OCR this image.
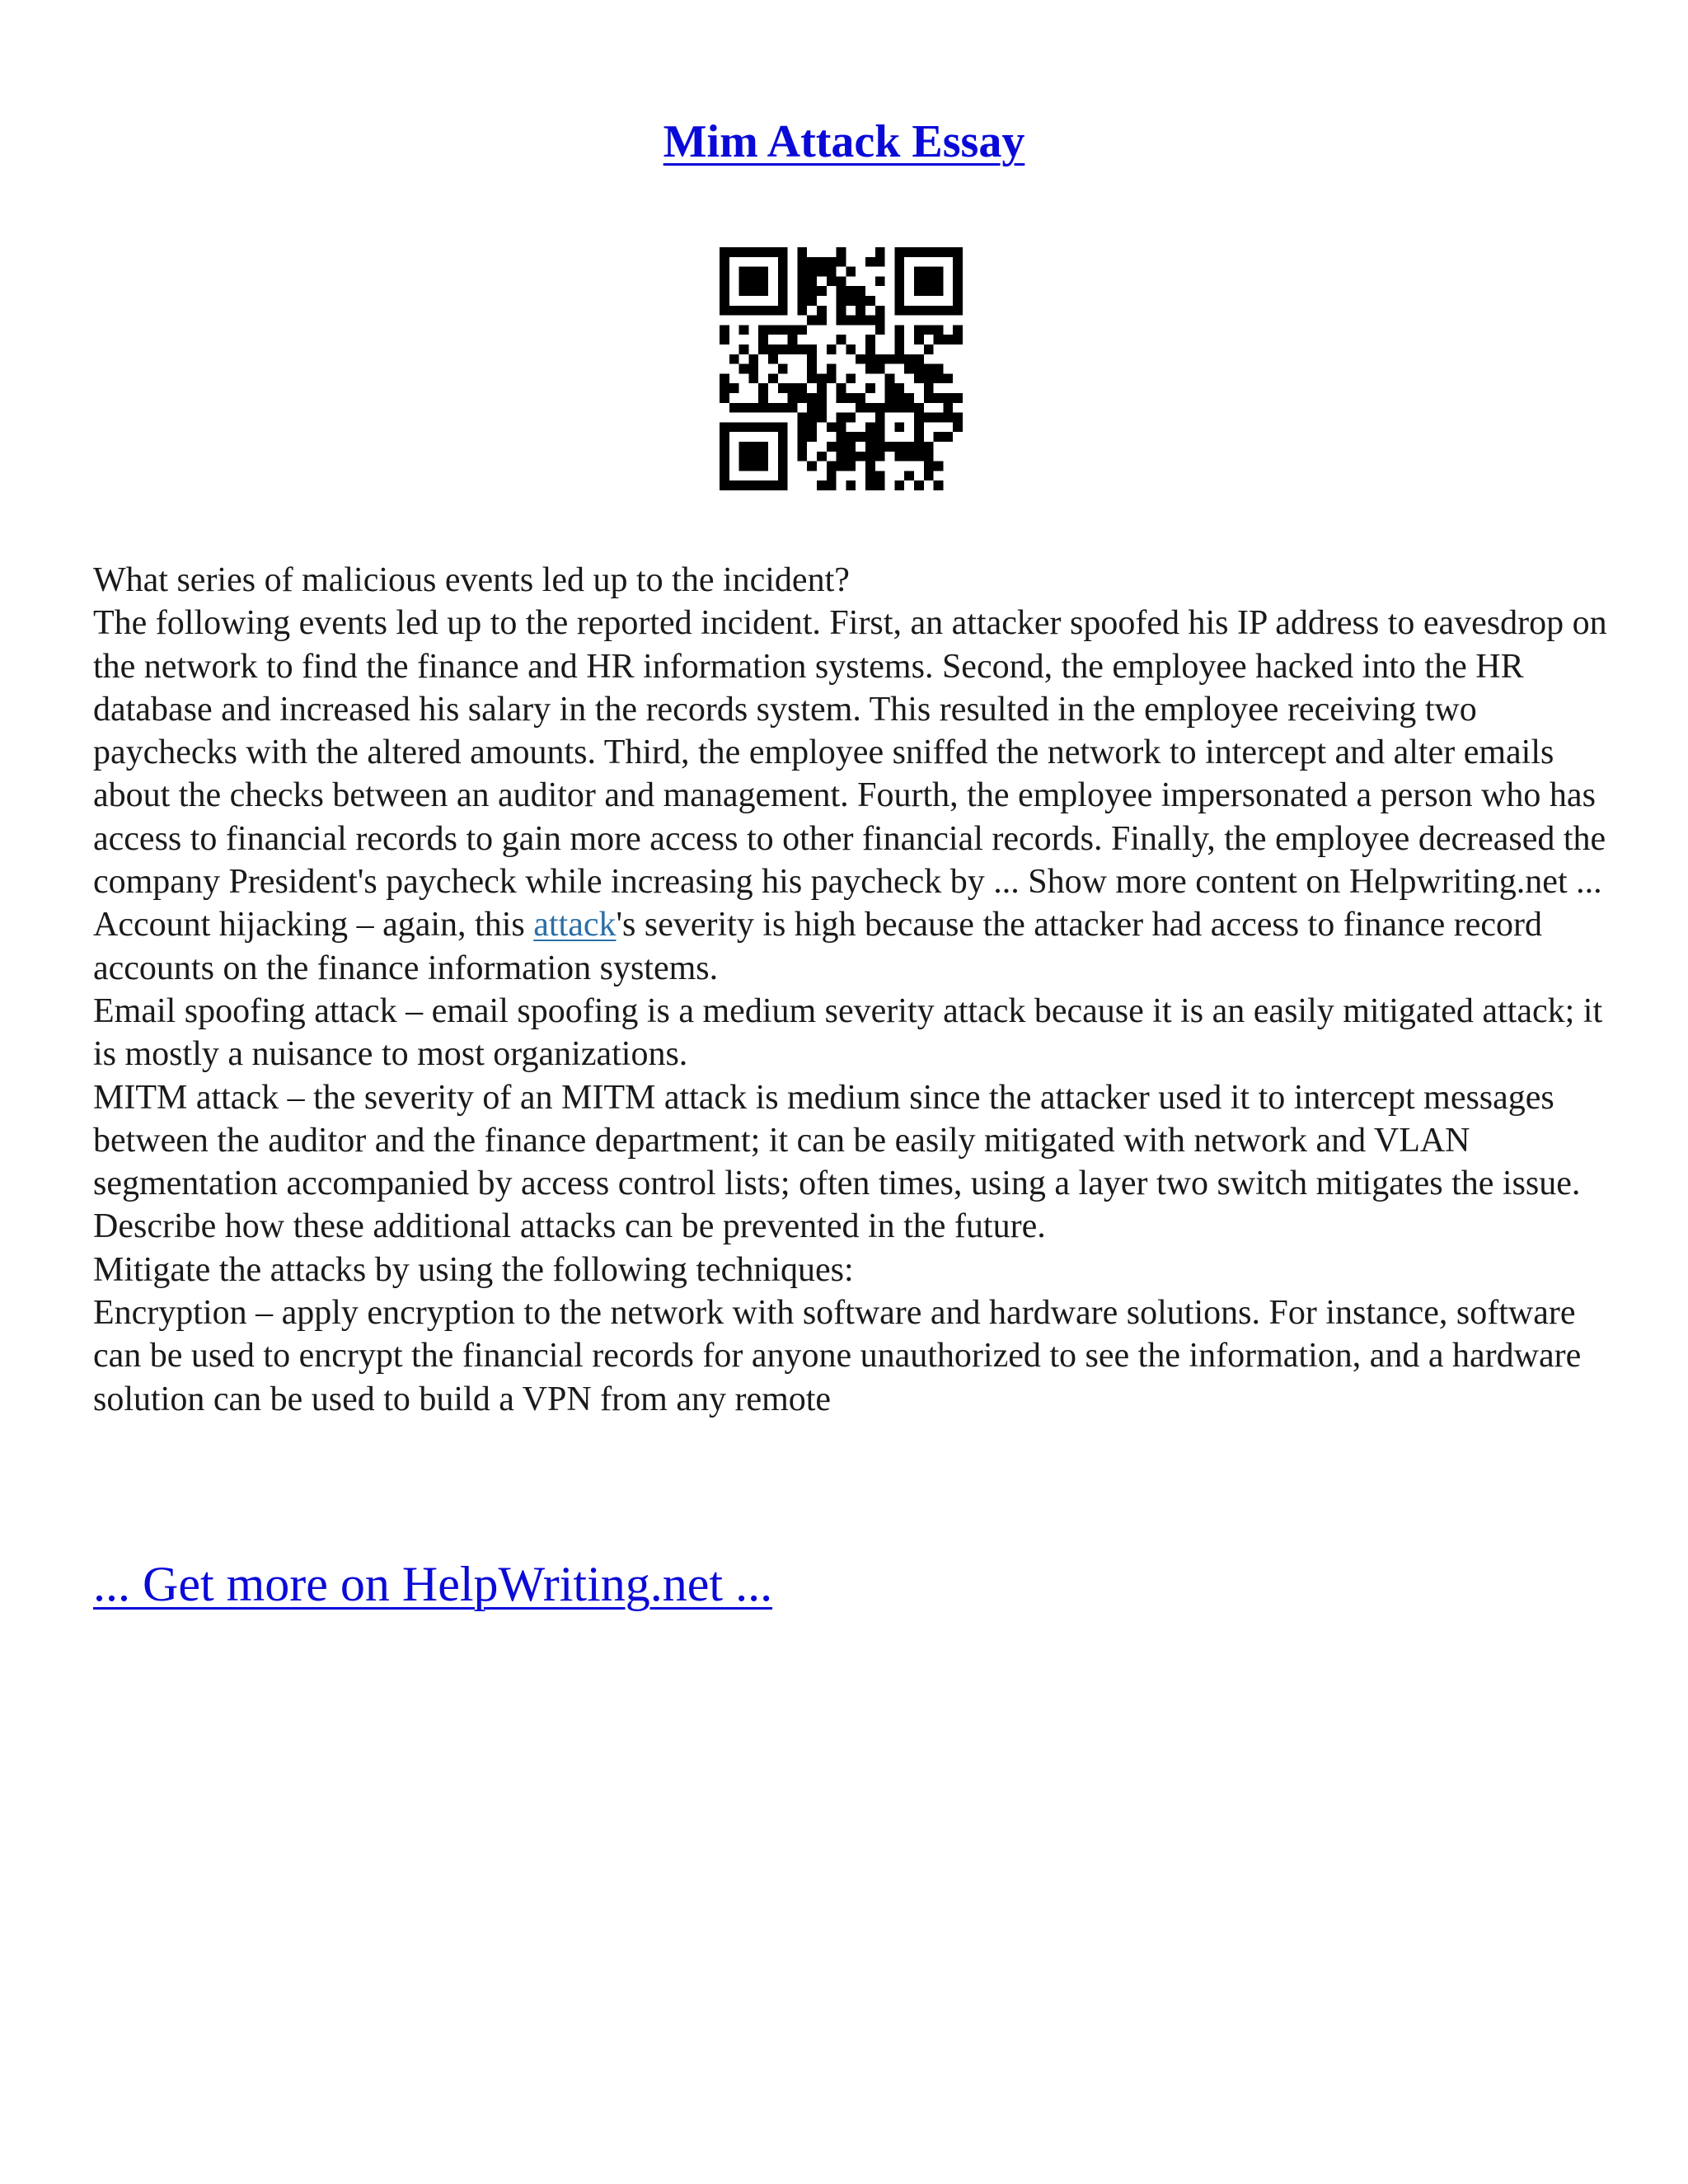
Mim Attack Essay

What series of malicious events led up to the incident?

The following events led up to the reported incident. First, an attacker spoofed his IP address to eavesdrop on the network to find the finance and HR information systems. Second, the employee hacked into the HR database and increased his salary in the records system. This resulted in the employee receiving two paychecks with the altered amounts. Third, the employee sniffed the network to intercept and alter emails about the checks between an auditor and management. Fourth, the employee impersonated a person who has access to financial records to gain more access to other financial records. Finally, the employee decreased the company President's paycheck while increasing his paycheck by ... Show more content on Helpwriting.net ...

Account hijacking – again, this attack's severity is high because the attacker had access to finance record accounts on the finance information systems.

Email spoofing attack – email spoofing is a medium severity attack because it is an easily mitigated attack; it is mostly a nuisance to most organizations.

MITM attack – the severity of an MITM attack is medium since the attacker used it to intercept messages between the auditor and the finance department; it can be easily mitigated with network and VLAN segmentation accompanied by access control lists; often times, using a layer two switch mitigates the issue.

Describe how these additional attacks can be prevented in the future.

Mitigate the attacks by using the following techniques:

Encryption – apply encryption to the network with software and hardware solutions. For instance, software can be used to encrypt the financial records for anyone unauthorized to see the information, and a hardware solution can be used to build a VPN from any remote

... Get more on HelpWriting.net ...
